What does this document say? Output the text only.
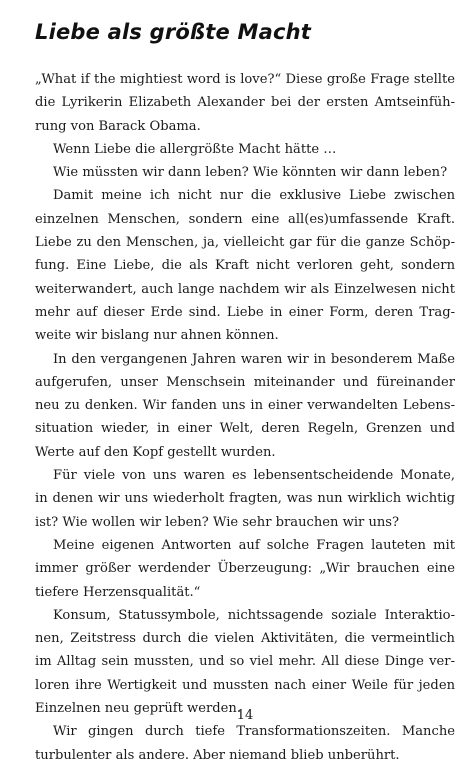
Liebe als größte Macht
„What if the mightiest word is love?“ Diese große Frage stellte
die Lyrikerin Elizabeth Alexander bei der ersten Amtseinfüh-
rung von Barack Obama.
Wenn Liebe die allergrößte Macht hätte …
Wie müssten wir dann leben? Wie könnten wir dann leben?
Damit meine ich nicht nur die exklusive Liebe zwischen
einzelnen Menschen, sondern eine all(es)umfassende Kraft.
Liebe zu den Menschen, ja, vielleicht gar für die ganze Schöp-
fung. Eine Liebe, die als Kraft nicht verloren geht, sondern
weiterwandert, auch lange nachdem wir als Einzelwesen nicht
mehr auf dieser Erde sind. Liebe in einer Form, deren Trag-
weite wir bislang nur ahnen können.
In den vergangenen Jahren waren wir in besonderem Maße
aufgerufen, unser Menschsein miteinander und füreinander
neu zu denken. Wir fanden uns in einer verwandelten Lebens-
situation wieder, in einer Welt, deren Regeln, Grenzen und
Werte auf den Kopf gestellt wurden.
Für viele von uns waren es lebensentscheidende Monate,
in denen wir uns wiederholt fragten, was nun wirklich wichtig
ist? Wie wollen wir leben? Wie sehr brauchen wir uns?
Meine eigenen Antworten auf solche Fragen lauteten mit
immer größer werdender Überzeugung: „Wir brauchen eine
tiefere Herzensqualität.“
Konsum, Statussymbole, nichtssagende soziale Interaktio-
nen, Zeitstress durch die vielen Aktivitäten, die vermeintlich
im Alltag sein mussten, und so viel mehr. All diese Dinge ver-
loren ihre Wertigkeit und mussten nach einer Weile für jeden
Einzelnen neu geprüft werden.
Wir gingen durch tiefe Transformationszeiten. Manche
turbulenter als andere. Aber niemand blieb unberührt.
14
